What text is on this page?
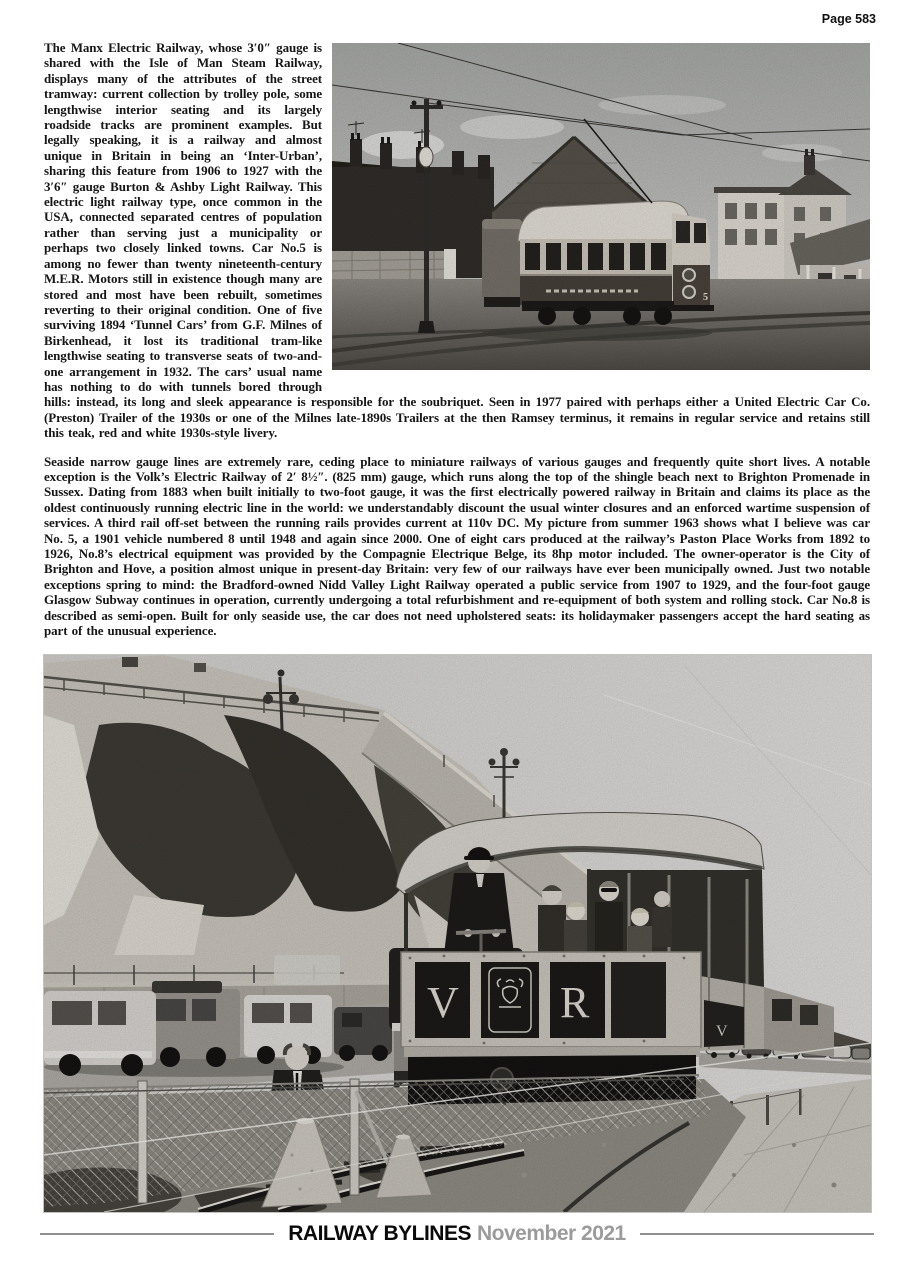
Page 583
5
The Manx Electric Railway, whose 3′0″ gauge is shared with the Isle of Man Steam Railway, displays many of the attributes of the street tramway: current collection by trolley pole, some lengthwise interior seating and its largely roadside tracks are prominent examples. But legally speaking, it is a railway and almost unique in Britain in being an ‘Inter-Urban’, sharing this feature from 1906 to 1927 with the 3′6″ gauge Burton & Ashby Light Railway. This electric light railway type, once common in the USA, connected separated centres of population rather than serving just a municipality or perhaps two closely linked towns. Car No.5 is among no fewer than twenty nineteenth-century M.E.R. Motors still in existence though many are stored and most have been rebuilt, sometimes reverting to their original condition. One of five surviving 1894 ‘Tunnel Cars’ from G.F. Milnes of Birkenhead, it lost its traditional tram-like lengthwise seating to transverse seats of two-and-one arrangement in 1932. The cars’ usual name has nothing to do with tunnels bored through hills: instead, its long and sleek appearance is responsible for the soubriquet. Seen in 1977 paired with perhaps either a United Electric Car Co. (Preston) Trailer of the 1930s or one of the Milnes late-1890s Trailers at the then Ramsey terminus, it remains in regular service and retains still this teak, red and white 1930s-style livery.
Seaside narrow gauge lines are extremely rare, ceding place to miniature railways of various gauges and frequently quite short lives. A notable exception is the Volk’s Electric Railway of 2′ 8½″. (825 mm) gauge, which runs along the top of the shingle beach next to Brighton Promenade in Sussex. Dating from 1883 when built initially to two-foot gauge, it was the first electrically powered railway in Britain and claims its place as the oldest continuously running electric line in the world: we understandably discount the usual winter closures and an enforced wartime suspension of services. A third rail off-set between the running rails provides current at 110v DC. My picture from summer 1963 shows what I believe was car No. 5, a 1901 vehicle numbered 8 until 1948 and again since 2000. One of eight cars produced at the railway’s Paston Place Works from 1892 to 1926, No.8’s electrical equipment was provided by the Compagnie Electrique Belge, its 8hp motor included. The owner-operator is the City of Brighton and Hove, a position almost unique in present-day Britain: very few of our railways have ever been municipally owned. Just two notable exceptions spring to mind: the Bradford-owned Nidd Valley Light Railway operated a public service from 1907 to 1929, and the four-foot gauge Glasgow Subway continues in operation, currently undergoing a total refurbishment and re-equipment of both system and rolling stock. Car No.8 is described as semi-open. Built for only seaside use, the car does not need upholstered seats: its holidaymaker passengers accept the hard seating as part of the unusual experience.
V
V R
RAILWAY BYLINES November 2021
